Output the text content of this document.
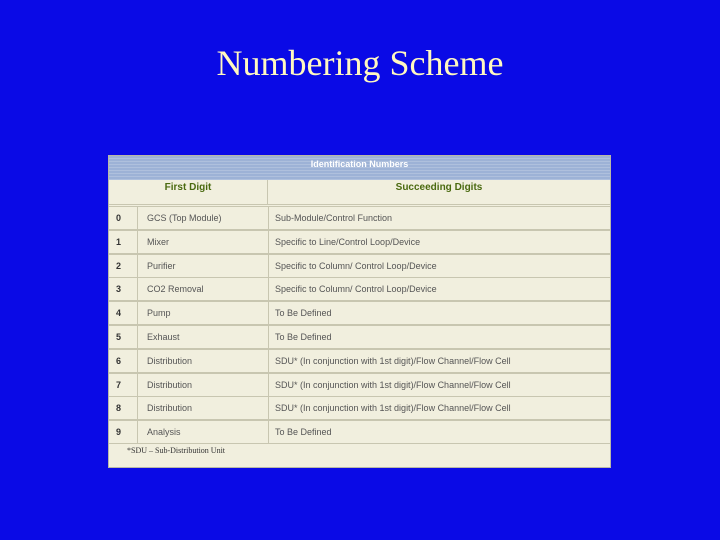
Numbering Scheme
Identification Numbers
First Digit	Succeeding Digits
0	GCS (Top Module)	Sub-Module/Control Function
1	Mixer	Specific to Line/Control Loop/Device
2	Purifier	Specific to Column/ Control Loop/Device
3	CO2 Removal	Specific to Column/ Control Loop/Device
4	Pump	To Be Defined
5	Exhaust	To Be Defined
6	Distribution	SDU* (In conjunction with 1st digit)/Flow Channel/Flow Cell
7	Distribution	SDU* (In conjunction with 1st digit)/Flow Channel/Flow Cell
8	Distribution	SDU* (In conjunction with 1st digit)/Flow Channel/Flow Cell
9	Analysis	To Be Defined
*SDU – Sub-Distribution Unit
